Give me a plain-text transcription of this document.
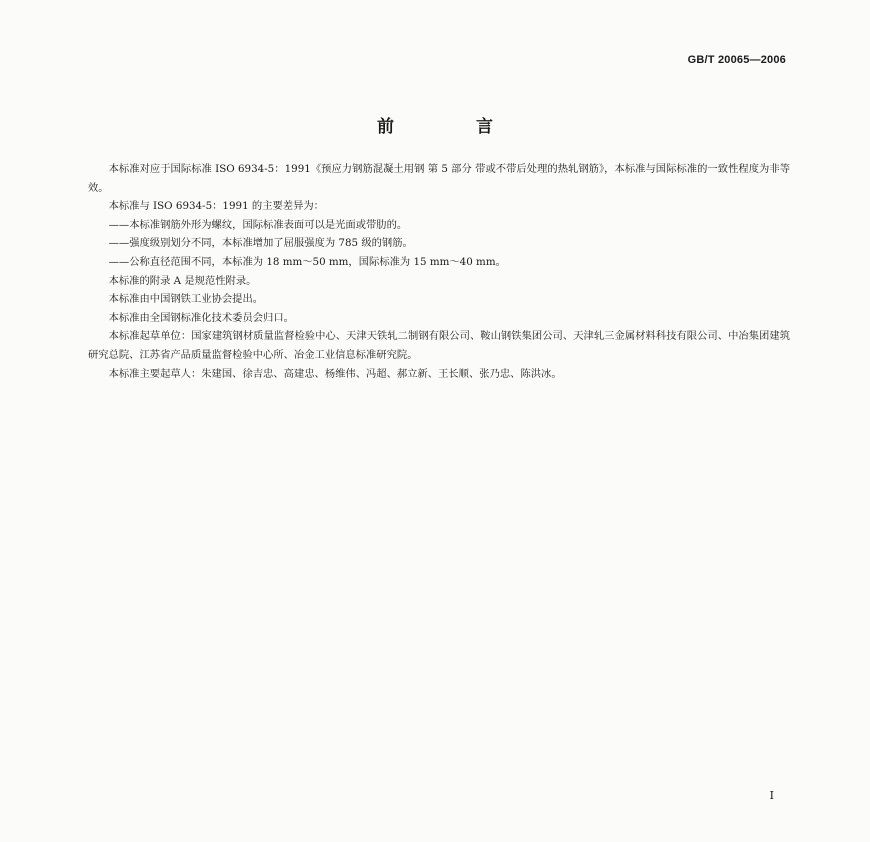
GB/T 20065—2006
前 言

本标准对应于国际标准 ISO 6934-5：1991《预应力钢筋混凝土用钢 第 5 部分 带或不带后处理的热轧钢筋》，本标准与国际标准的一致性程度为非等效。

本标准与 ISO 6934-5：1991 的主要差异为：

——本标准钢筋外形为螺纹，国际标准表面可以是光面或带肋的。

——强度级别划分不同，本标准增加了屈服强度为 785 级的钢筋。

——公称直径范围不同，本标准为 18 mm～50 mm，国际标准为 15 mm～40 mm。

本标准的附录 A 是规范性附录。

本标准由中国钢铁工业协会提出。

本标准由全国钢标准化技术委员会归口。

本标准起草单位：国家建筑钢材质量监督检验中心、天津天铁轧二制钢有限公司、鞍山钢铁集团公司、天津轧三金属材料科技有限公司、中冶集团建筑研究总院、江苏省产品质量监督检验中心所、冶金工业信息标准研究院。

本标准主要起草人：朱建国、徐吉忠、高建忠、杨维伟、冯超、郝立新、王长顺、张乃忠、陈洪冰。

I
